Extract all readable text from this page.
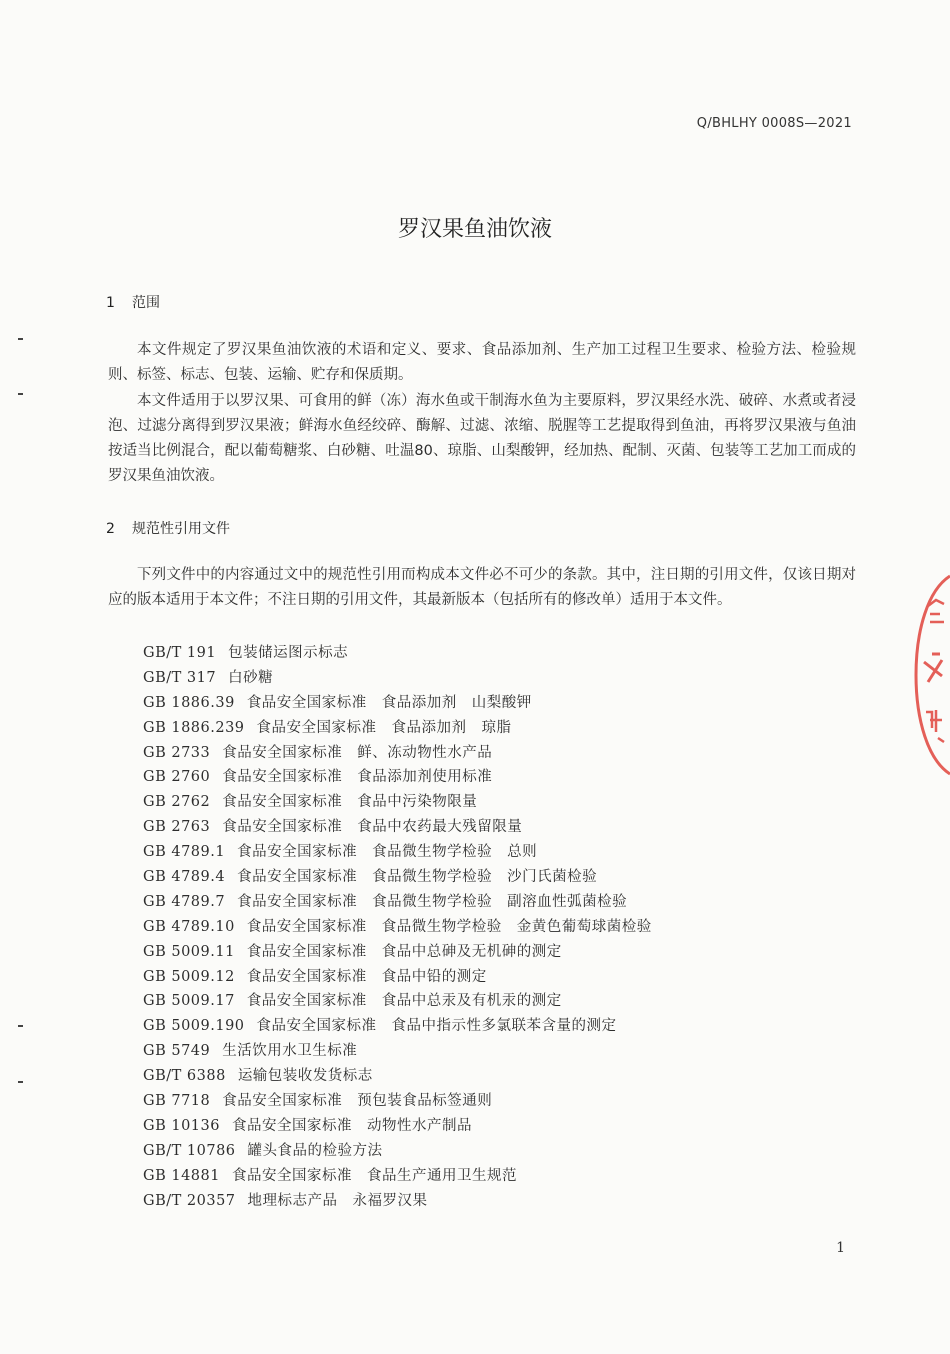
Q/BHLHY 0008S—2021
罗汉果鱼油饮液
1 范围
本文件规定了罗汉果鱼油饮液的术语和定义、要求、食品添加剂、生产加工过程卫生要求、检验方法、检验规则、标签、标志、包装、运输、贮存和保质期。
本文件适用于以罗汉果、可食用的鲜（冻）海水鱼或干制海水鱼为主要原料，罗汉果经水洗、破碎、水煮或者浸泡、过滤分离得到罗汉果液；鲜海水鱼经绞碎、酶解、过滤、浓缩、脱腥等工艺提取得到鱼油，再将罗汉果液与鱼油按适当比例混合，配以葡萄糖浆、白砂糖、吐温80、琼脂、山梨酸钾，经加热、配制、灭菌、包装等工艺加工而成的罗汉果鱼油饮液。
2 规范性引用文件
下列文件中的内容通过文中的规范性引用而构成本文件必不可少的条款。其中，注日期的引用文件，仅该日期对应的版本适用于本文件；不注日期的引用文件，其最新版本（包括所有的修改单）适用于本文件。
GB/T 191 包装储运图示标志
GB/T 317 白砂糖
GB 1886.39 食品安全国家标准　食品添加剂　山梨酸钾
GB 1886.239 食品安全国家标准　食品添加剂　琼脂
GB 2733 食品安全国家标准　鲜、冻动物性水产品
GB 2760 食品安全国家标准　食品添加剂使用标准
GB 2762 食品安全国家标准　食品中污染物限量
GB 2763 食品安全国家标准　食品中农药最大残留限量
GB 4789.1 食品安全国家标准　食品微生物学检验　总则
GB 4789.4 食品安全国家标准　食品微生物学检验　沙门氏菌检验
GB 4789.7 食品安全国家标准　食品微生物学检验　副溶血性弧菌检验
GB 4789.10 食品安全国家标准　食品微生物学检验　金黄色葡萄球菌检验
GB 5009.11 食品安全国家标准　食品中总砷及无机砷的测定
GB 5009.12 食品安全国家标准　食品中铅的测定
GB 5009.17 食品安全国家标准　食品中总汞及有机汞的测定
GB 5009.190 食品安全国家标准　食品中指示性多氯联苯含量的测定
GB 5749 生活饮用水卫生标准
GB/T 6388 运输包装收发货标志
GB 7718 食品安全国家标准　预包装食品标签通则
GB 10136 食品安全国家标准　动物性水产制品
GB/T 10786 罐头食品的检验方法
GB 14881 食品安全国家标准　食品生产通用卫生规范
GB/T 20357 地理标志产品　永福罗汉果
1
